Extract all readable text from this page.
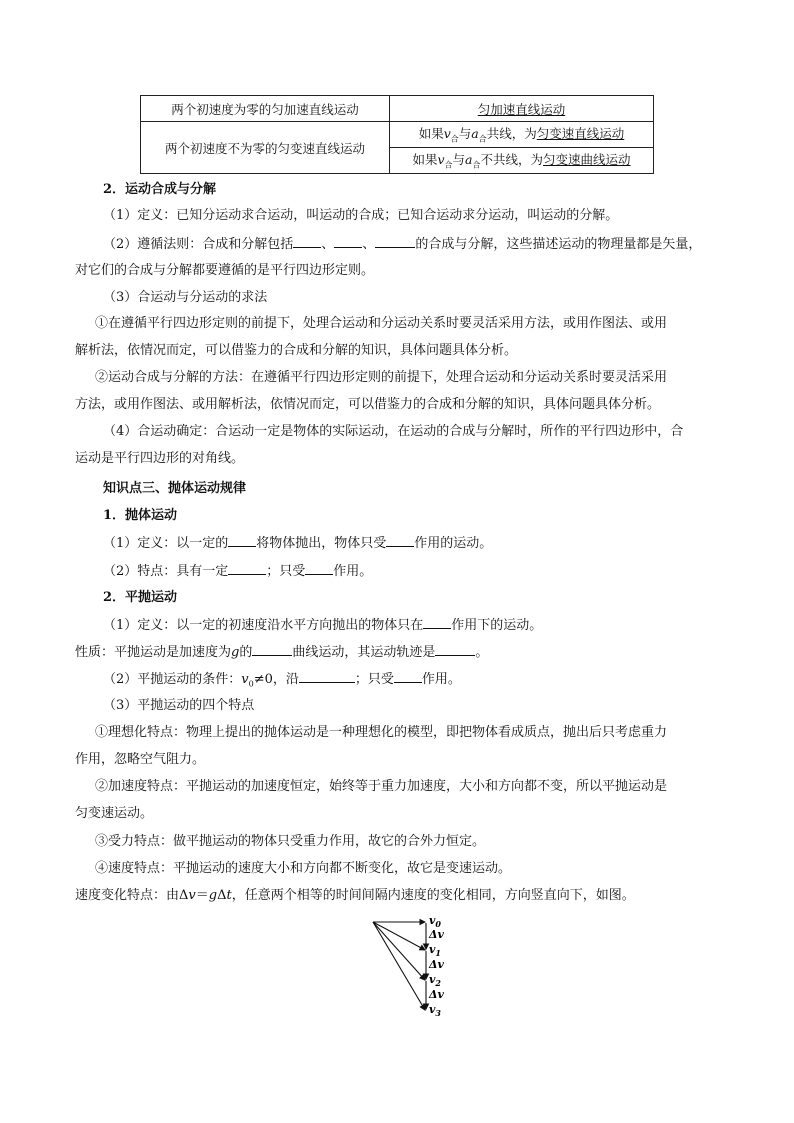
两个初速度为零的匀加速直线运动	匀加速直线运动
两个初速度不为零的匀变速直线运动	如果$v_合$与$a_合$共线，为匀变速直线运动
	如果$v_合$与$a_合$不共线，为匀变速曲线运动
2．运动合成与分解
（1）定义：已知分运动求合运动，叫运动的合成；已知合运动求分运动，叫运动的分解。
（2）遵循法则：合成和分解包括 、 、	的合成与分解，这些描述运动的物理量都是矢量，
对它们的合成与分解都要遵循的是平行四边形定则。
（3）合运动与分运动的求法
①在遵循平行四边形定则的前提下，处理合运动和分运动关系时要灵活采用方法，或用作图法、或用
解析法，依情况而定，可以借鉴力的合成和分解的知识，具体问题具体分析。
②运动合成与分解的方法：在遵循平行四边形定则的前提下，处理合运动和分运动关系时要灵活采用
方法，或用作图法、或用解析法，依情况而定，可以借鉴力的合成和分解的知识，具体问题具体分析。
（4）合运动确定：合运动一定是物体的实际运动，在运动的合成与分解时，所作的平行四边形中，合
运动是平行四边形的对角线。
知识点三、抛体运动规律
1．抛体运动
（1）定义：以一定的 将物体抛出，物体只受 作用的运动。
（2）特点：具有一定	；只受 作用。
2．平抛运动
（1）定义：以一定的初速度沿水平方向抛出的物体只在 作用下的运动。
性质：平抛运动是加速度为g的	曲线运动，其运动轨迹是	。
（2）平抛运动的条件：$v_0\ne 0$，沿	；只受 作用。
（3）平抛运动的四个特点
①理想化特点：物理上提出的抛体运动是一种理想化的模型，即把物体看成质点，抛出后只考虑重力
作用，忽略空气阻力。
②加速度特点：平抛运动的加速度恒定，始终等于重力加速度，大小和方向都不变，所以平抛运动是
匀变速运动。
③受力特点：做平抛运动的物体只受重力作用，故它的合外力恒定。
④速度特点：平抛运动的速度大小和方向都不断变化，故它是变速运动。
速度变化特点：由Δv＝gΔt，任意两个相等的时间间隔内速度的变化相同，方向竖直向下，如图。
$v_0$
Δv
$v_1$
Δv
$v_2$
Δv
$v_3$
